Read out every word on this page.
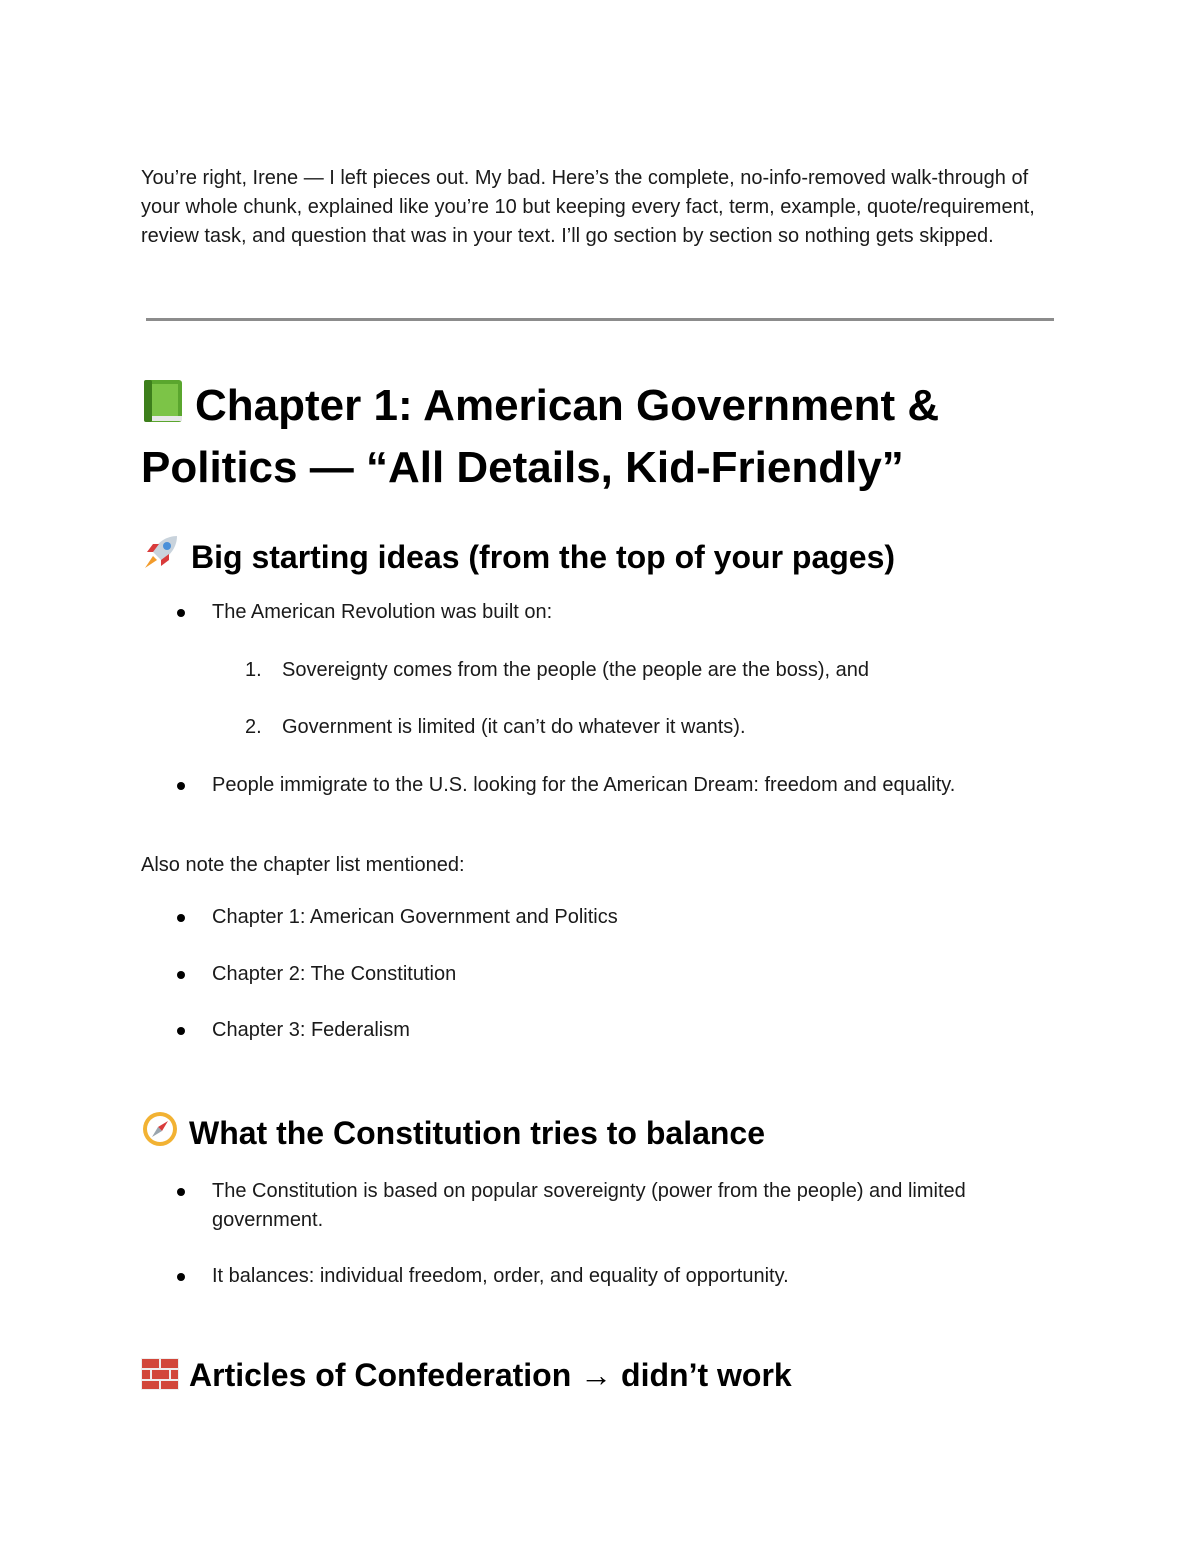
You’re right, Irene — I left pieces out. My bad. Here’s the complete, no-info-removed walk-through of your whole chunk, explained like you’re 10 but keeping every fact, term, example, quote/requirement, review task, and question that was in your text. I’ll go section by section so nothing gets skipped.

Chapter 1: American Government & Politics — “All Details, Kid-Friendly”
Big starting ideas (from the top of your pages)
The American Revolution was built on:
1. Sovereignty comes from the people (the people are the boss), and
2. Government is limited (it can’t do whatever it wants).
People immigrate to the U.S. looking for the American Dream: freedom and equality.

Also note the chapter list mentioned:

Chapter 1: American Government and Politics
Chapter 2: The Constitution
Chapter 3: Federalism
What the Constitution tries to balance
The Constitution is based on popular sovereignty (power from the people) and limited government.
It balances: individual freedom, order, and equality of opportunity.
Articles of Confederation → didn’t work
